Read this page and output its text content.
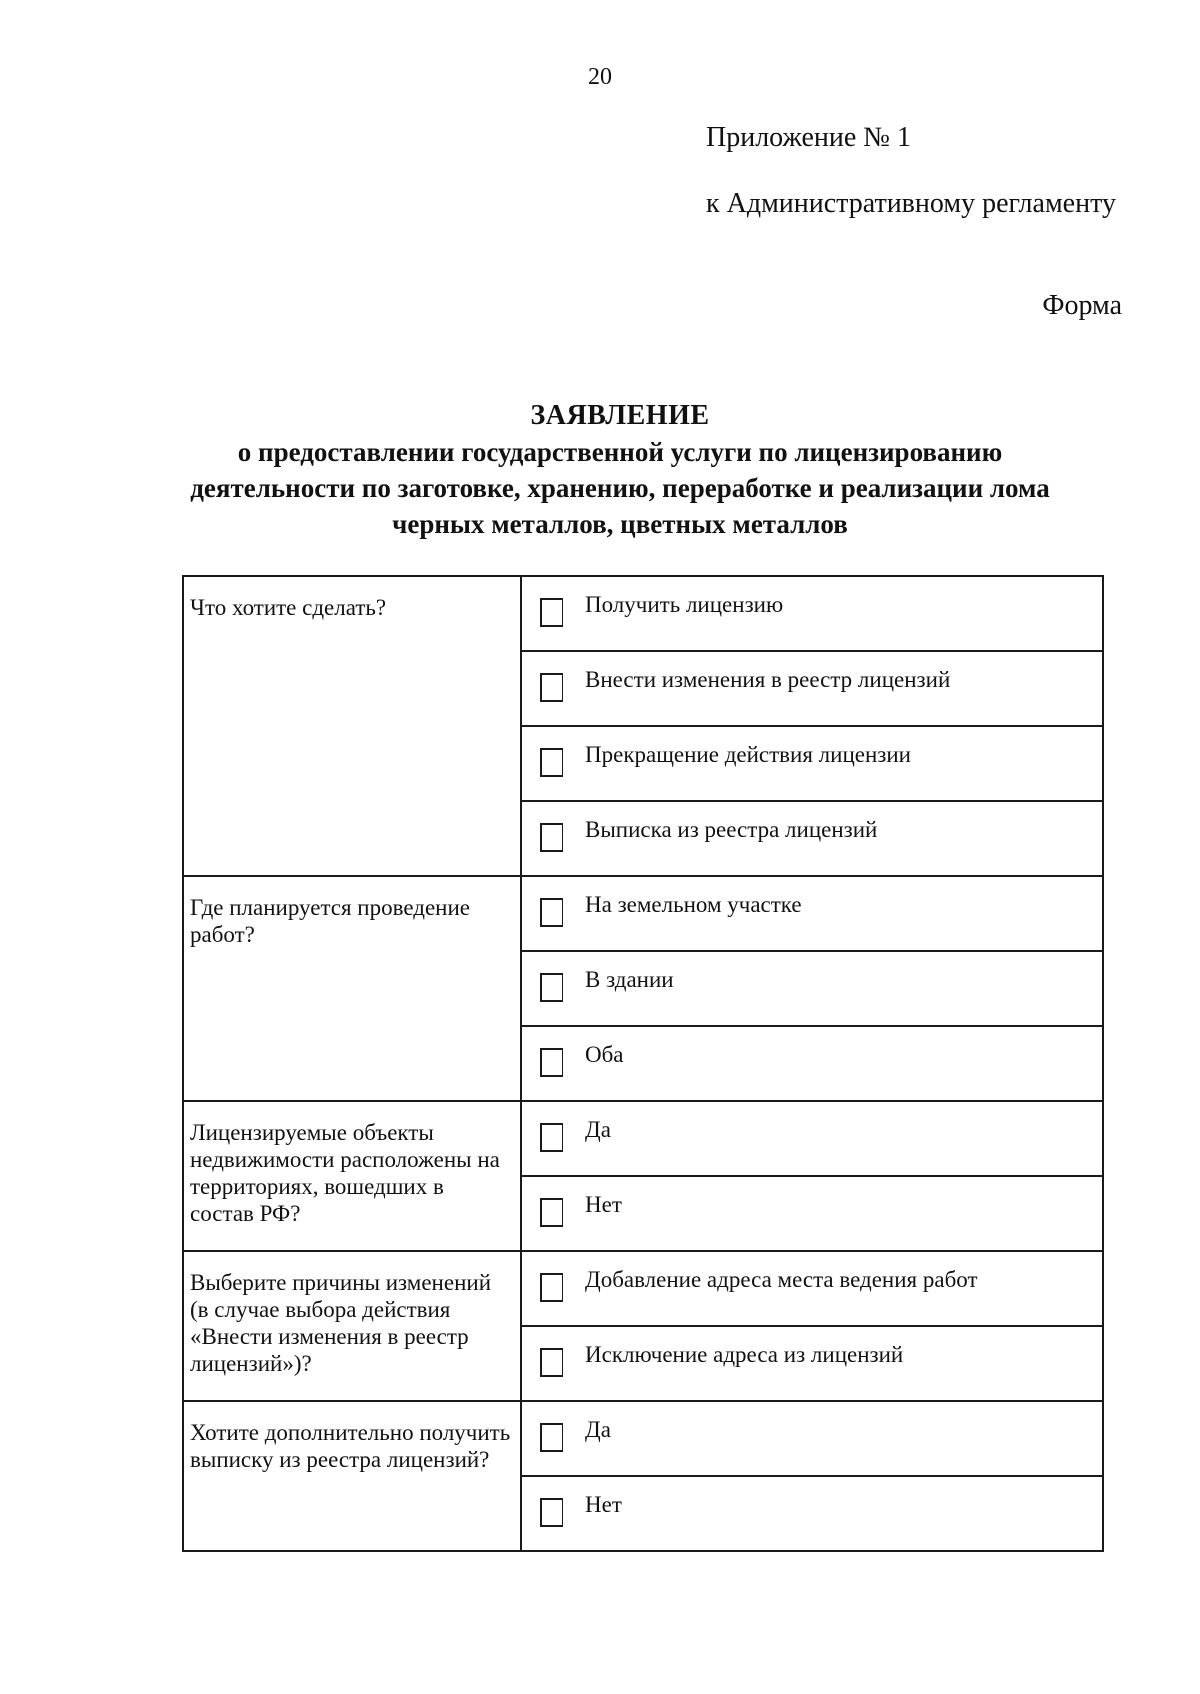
20
Приложение № 1
к Административному регламенту
Форма
ЗАЯВЛЕНИЕ
о предоставлении государственной услуги по лицензированию
деятельности по заготовке, хранению, переработке и реализации лома
черных металлов, цветных металлов
Что хотите сделать?	Получить лицензию

	Внести изменения в реестр лицензий

	Прекращение действия лицензии

	Выписка из реестра лицензий

Где планируется проведение работ?	На земельном участке

	В здании

	Оба

Лицензируемые объекты недвижимости расположены на территориях, вошедших в состав РФ?	Да

	Нет

Выберите причины изменений (в случае выбора действия «Внести изменения в реестр лицензий»)?	Добавление адреса места ведения работ

	Исключение адреса из лицензий

Хотите дополнительно получить выписку из реестра лицензий?	Да

	Нет
